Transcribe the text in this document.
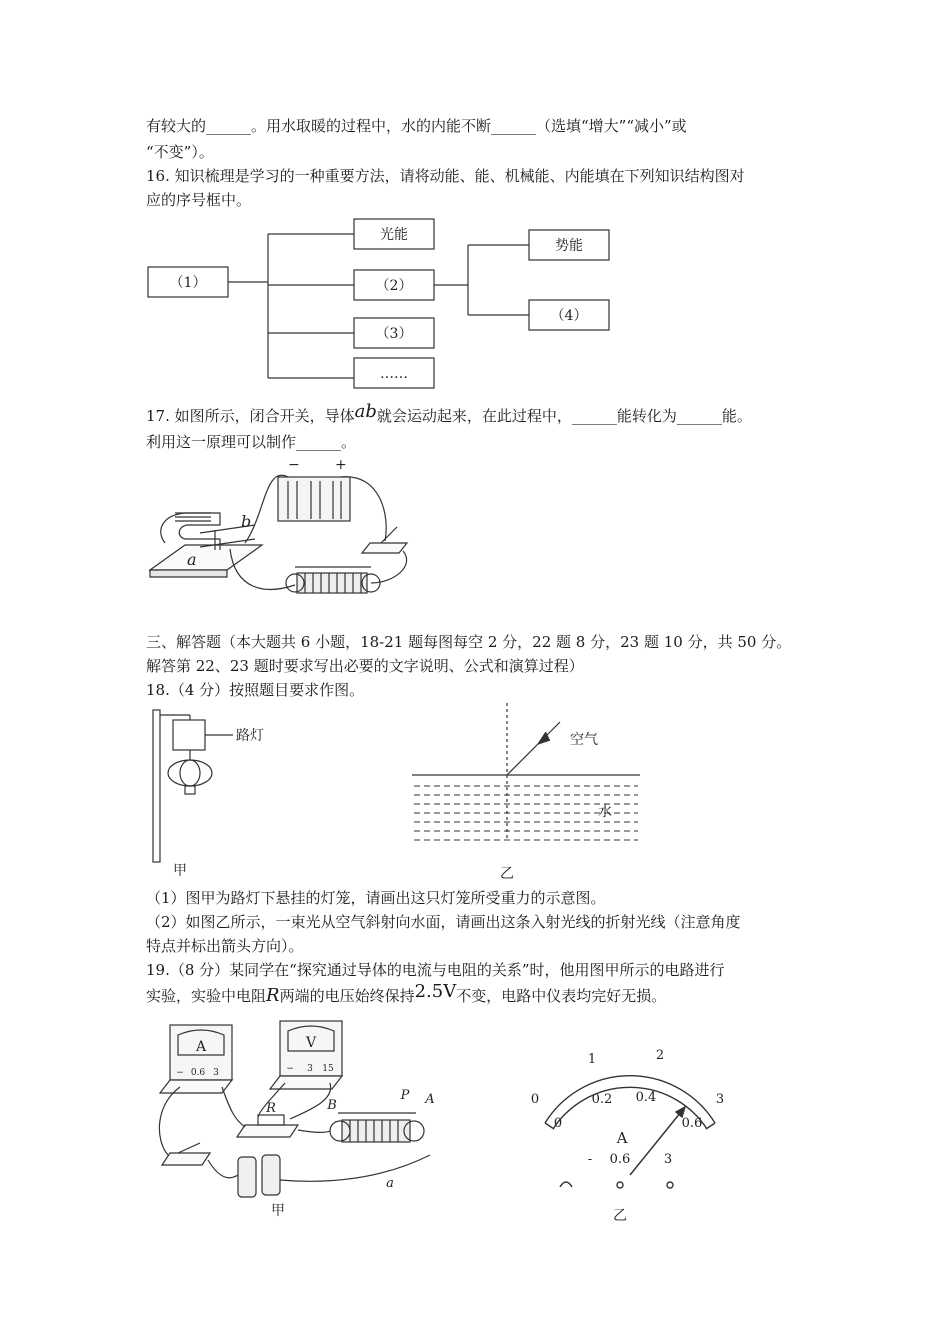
有较大的______。用水取暖的过程中，水的内能不断______（选填“增大”“减小”或
“不变”）。
16. 知识梳理是学习的一种重要方法，请将动能、能、机械能、内能填在下列知识结构图对
应的序号框中。
（1）
光能
（2）
（3）
……
势能
（4）
17. 如图所示，闭合开关，导体ab就会运动起来，在此过程中，______能转化为______能。
利用这一原理可以制作______。
−	+
b
a
三、解答题（本大题共 6 小题，18-21 题每图每空 2 分，22 题 8 分，23 题 10 分，共 50 分。
解答第 22、23 题时要求写出必要的文字说明、公式和演算过程）
18.（4 分）按照题目要求作图。
路灯
甲
空气
水
乙
（1）图甲为路灯下悬挂的灯笼，请画出这只灯笼所受重力的示意图。
（2）如图乙所示，一束光从空气斜射向水面，请画出这条入射光线的折射光线（注意角度
特点并标出箭头方向）。
19.（8 分）某同学在“探究通过导体的电流与电阻的关系”时，他用图甲所示的电路进行
实验，实验中电阻R两端的电压始终保持2.5V不变，电路中仪表均完好无损。
A	V
− 0.6 3	− 3 15
R	B
P A
a
甲
0
1	2
3
0
0.2 0.4
0.6
A
- 0.6	3
乙
